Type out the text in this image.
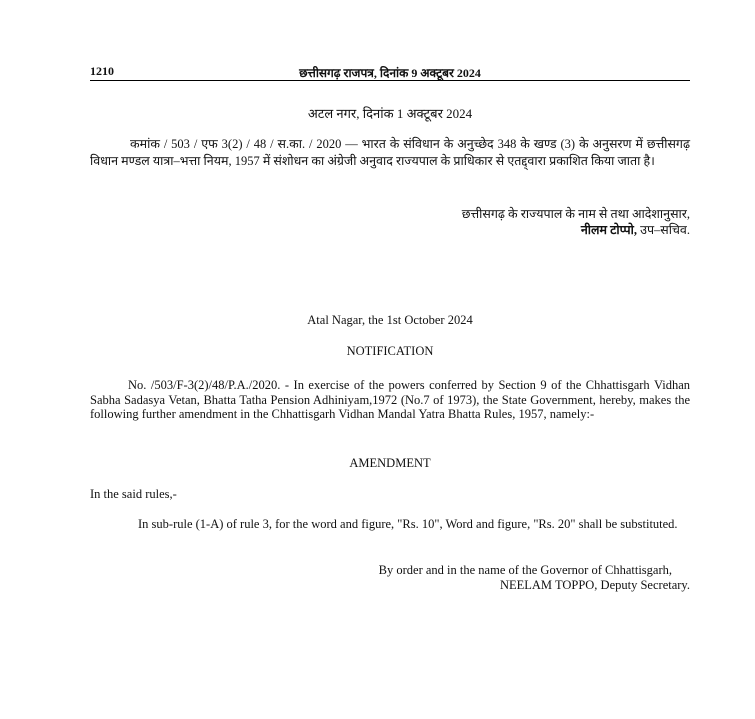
1210	छत्तीसगढ़ राजपत्र, दिनांक 9 अक्टूबर 2024
अटल नगर, दिनांक 1 अक्टूबर 2024
कमांक / 503 / एफ 3(2) / 48 / स.का. / 2020 — भारत के संविधान के अनुच्छेद 348 के खण्ड (3) के अनुसरण में छत्तीसगढ़ विधान मण्डल यात्रा–भत्ता नियम, 1957 में संशोधन का अंग्रेजी अनुवाद राज्यपाल के प्राधिकार से एतद्द्वारा प्रकाशित किया जाता है।
छत्तीसगढ़ के राज्यपाल के नाम से तथा आदेशानुसार,
नीलम टोप्पो, उप–सचिव.
Atal Nagar, the 1st October 2024
NOTIFICATION
No. /503/F-3(2)/48/P.A./2020. - In exercise of the powers conferred by Section 9 of the Chhattisgarh Vidhan Sabha Sadasya Vetan, Bhatta Tatha Pension Adhiniyam,1972 (No.7 of 1973), the State Government, hereby, makes the following further amendment in the Chhattisgarh Vidhan Mandal Yatra Bhatta Rules, 1957, namely:-
AMENDMENT
In the said rules,-
In sub-rule (1-A) of rule 3, for the word and figure, "Rs. 10", Word and figure, "Rs. 20" shall be substituted.
By order and in the name of the Governor of Chhattisgarh,
NEELAM TOPPO, Deputy Secretary.
